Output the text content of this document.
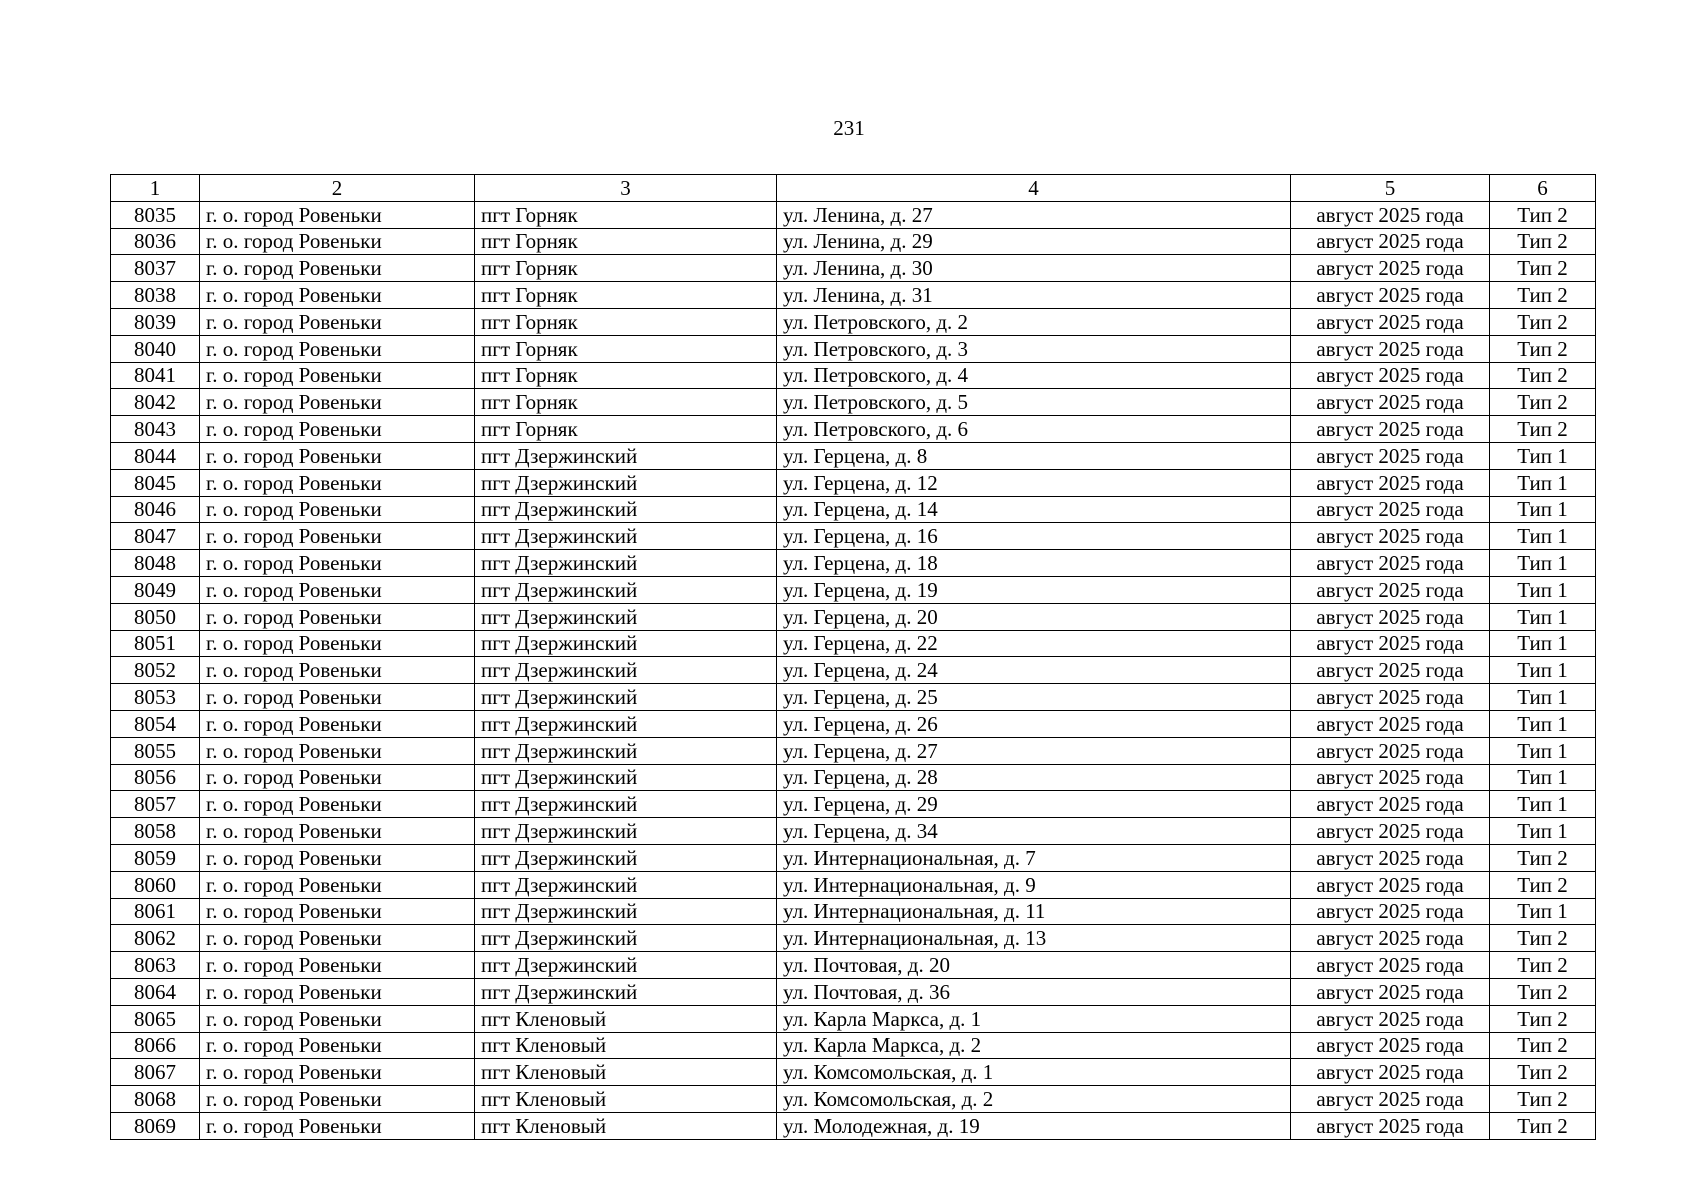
231
1	2	3	4	5	6
8035	г. о. город Ровеньки	пгт Горняк	ул. Ленина, д. 27	август 2025 года	Тип 2
8036	г. о. город Ровеньки	пгт Горняк	ул. Ленина, д. 29	август 2025 года	Тип 2
8037	г. о. город Ровеньки	пгт Горняк	ул. Ленина, д. 30	август 2025 года	Тип 2
8038	г. о. город Ровеньки	пгт Горняк	ул. Ленина, д. 31	август 2025 года	Тип 2
8039	г. о. город Ровеньки	пгт Горняк	ул. Петровского, д. 2	август 2025 года	Тип 2
8040	г. о. город Ровеньки	пгт Горняк	ул. Петровского, д. 3	август 2025 года	Тип 2
8041	г. о. город Ровеньки	пгт Горняк	ул. Петровского, д. 4	август 2025 года	Тип 2
8042	г. о. город Ровеньки	пгт Горняк	ул. Петровского, д. 5	август 2025 года	Тип 2
8043	г. о. город Ровеньки	пгт Горняк	ул. Петровского, д. 6	август 2025 года	Тип 2
8044	г. о. город Ровеньки	пгт Дзержинский	ул. Герцена, д. 8	август 2025 года	Тип 1
8045	г. о. город Ровеньки	пгт Дзержинский	ул. Герцена, д. 12	август 2025 года	Тип 1
8046	г. о. город Ровеньки	пгт Дзержинский	ул. Герцена, д. 14	август 2025 года	Тип 1
8047	г. о. город Ровеньки	пгт Дзержинский	ул. Герцена, д. 16	август 2025 года	Тип 1
8048	г. о. город Ровеньки	пгт Дзержинский	ул. Герцена, д. 18	август 2025 года	Тип 1
8049	г. о. город Ровеньки	пгт Дзержинский	ул. Герцена, д. 19	август 2025 года	Тип 1
8050	г. о. город Ровеньки	пгт Дзержинский	ул. Герцена, д. 20	август 2025 года	Тип 1
8051	г. о. город Ровеньки	пгт Дзержинский	ул. Герцена, д. 22	август 2025 года	Тип 1
8052	г. о. город Ровеньки	пгт Дзержинский	ул. Герцена, д. 24	август 2025 года	Тип 1
8053	г. о. город Ровеньки	пгт Дзержинский	ул. Герцена, д. 25	август 2025 года	Тип 1
8054	г. о. город Ровеньки	пгт Дзержинский	ул. Герцена, д. 26	август 2025 года	Тип 1
8055	г. о. город Ровеньки	пгт Дзержинский	ул. Герцена, д. 27	август 2025 года	Тип 1
8056	г. о. город Ровеньки	пгт Дзержинский	ул. Герцена, д. 28	август 2025 года	Тип 1
8057	г. о. город Ровеньки	пгт Дзержинский	ул. Герцена, д. 29	август 2025 года	Тип 1
8058	г. о. город Ровеньки	пгт Дзержинский	ул. Герцена, д. 34	август 2025 года	Тип 1
8059	г. о. город Ровеньки	пгт Дзержинский	ул. Интернациональная, д. 7	август 2025 года	Тип 2
8060	г. о. город Ровеньки	пгт Дзержинский	ул. Интернациональная, д. 9	август 2025 года	Тип 2
8061	г. о. город Ровеньки	пгт Дзержинский	ул. Интернациональная, д. 11	август 2025 года	Тип 1
8062	г. о. город Ровеньки	пгт Дзержинский	ул. Интернациональная, д. 13	август 2025 года	Тип 2
8063	г. о. город Ровеньки	пгт Дзержинский	ул. Почтовая, д. 20	август 2025 года	Тип 2
8064	г. о. город Ровеньки	пгт Дзержинский	ул. Почтовая, д. 36	август 2025 года	Тип 2
8065	г. о. город Ровеньки	пгт Кленовый	ул. Карла Маркса, д. 1	август 2025 года	Тип 2
8066	г. о. город Ровеньки	пгт Кленовый	ул. Карла Маркса, д. 2	август 2025 года	Тип 2
8067	г. о. город Ровеньки	пгт Кленовый	ул. Комсомольская, д. 1	август 2025 года	Тип 2
8068	г. о. город Ровеньки	пгт Кленовый	ул. Комсомольская, д. 2	август 2025 года	Тип 2
8069	г. о. город Ровеньки	пгт Кленовый	ул. Молодежная, д. 19	август 2025 года	Тип 2
